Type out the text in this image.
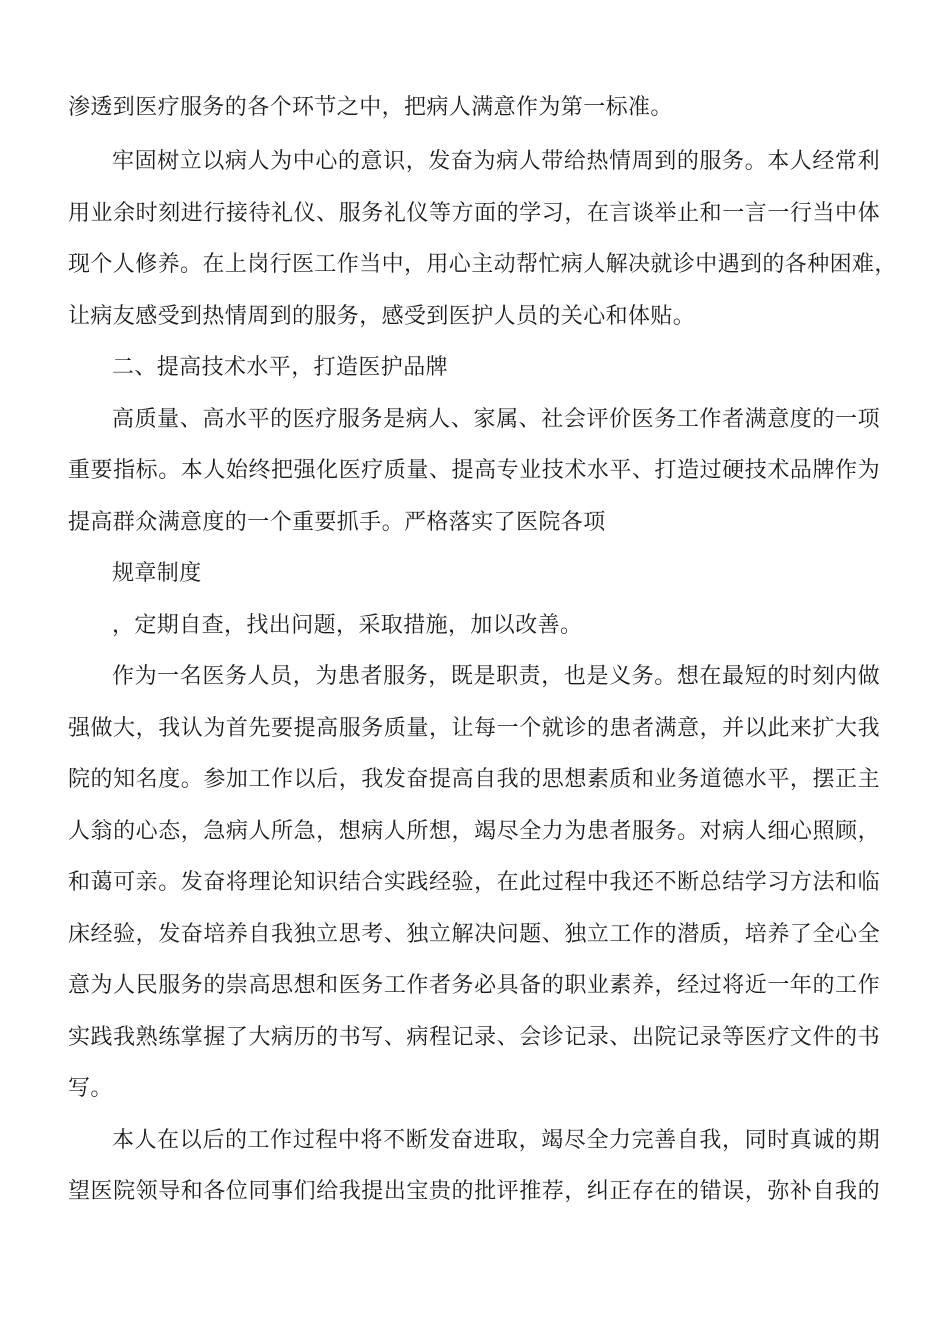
渗透到医疗服务的各个环节之中，把病人满意作为第一标准。

牢固树立以病人为中心的意识，发奋为病人带给热情周到的服务。本人经常利

用业余时刻进行接待礼仪、服务礼仪等方面的学习，在言谈举止和一言一行当中体

现个人修养。在上岗行医工作当中，用心主动帮忙病人解决就诊中遇到的各种困难，

让病友感受到热情周到的服务，感受到医护人员的关心和体贴。

二、提高技术水平，打造医护品牌

高质量、高水平的医疗服务是病人、家属、社会评价医务工作者满意度的一项

重要指标。本人始终把强化医疗质量、提高专业技术水平、打造过硬技术品牌作为

提高群众满意度的一个重要抓手。严格落实了医院各项

规章制度

，定期自查，找出问题，采取措施，加以改善。

作为一名医务人员，为患者服务，既是职责，也是义务。想在最短的时刻内做

强做大，我认为首先要提高服务质量，让每一个就诊的患者满意，并以此来扩大我

院的知名度。参加工作以后，我发奋提高自我的思想素质和业务道德水平，摆正主

人翁的心态，急病人所急，想病人所想，竭尽全力为患者服务。对病人细心照顾，

和蔼可亲。发奋将理论知识结合实践经验，在此过程中我还不断总结学习方法和临

床经验，发奋培养自我独立思考、独立解决问题、独立工作的潜质，培养了全心全

意为人民服务的崇高思想和医务工作者务必具备的职业素养，经过将近一年的工作

实践我熟练掌握了大病历的书写、病程记录、会诊记录、出院记录等医疗文件的书

写。

本人在以后的工作过程中将不断发奋进取，竭尽全力完善自我，同时真诚的期

望医院领导和各位同事们给我提出宝贵的批评推荐，纠正存在的错误，弥补自我的
